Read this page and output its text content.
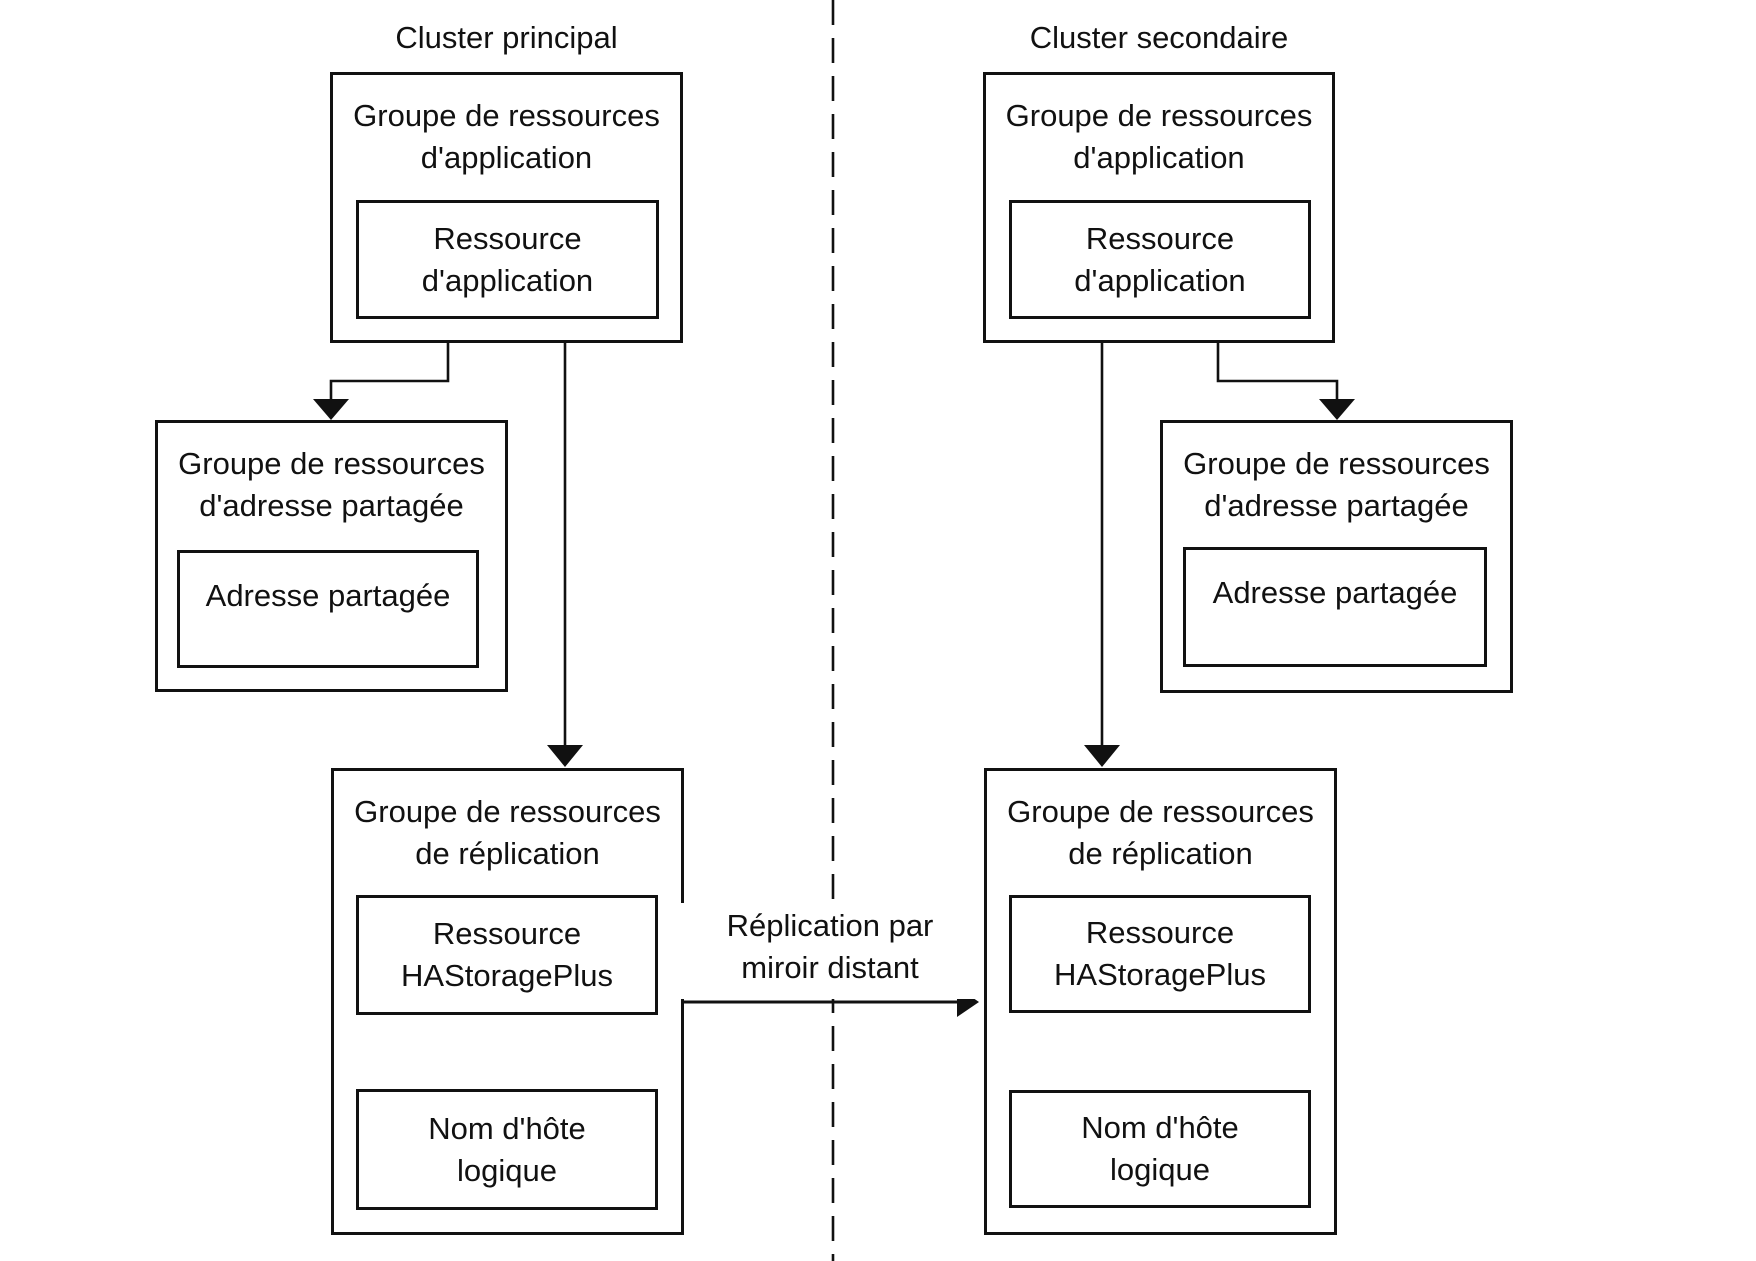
Cluster principal
Groupe de ressources
d'application
Ressource
d'application
Groupe de ressources
d'adresse partagée
Adresse partagée
Groupe de ressources
de réplication
Ressource
HAStoragePlus
Nom d'hôte
logique
Réplication par
miroir distant
Cluster secondaire
Groupe de ressources
d'application
Ressource
d'application
Groupe de ressources
d'adresse partagée
Adresse partagée
Groupe de ressources
de réplication
Ressource
HAStoragePlus
Nom d'hôte
logique
